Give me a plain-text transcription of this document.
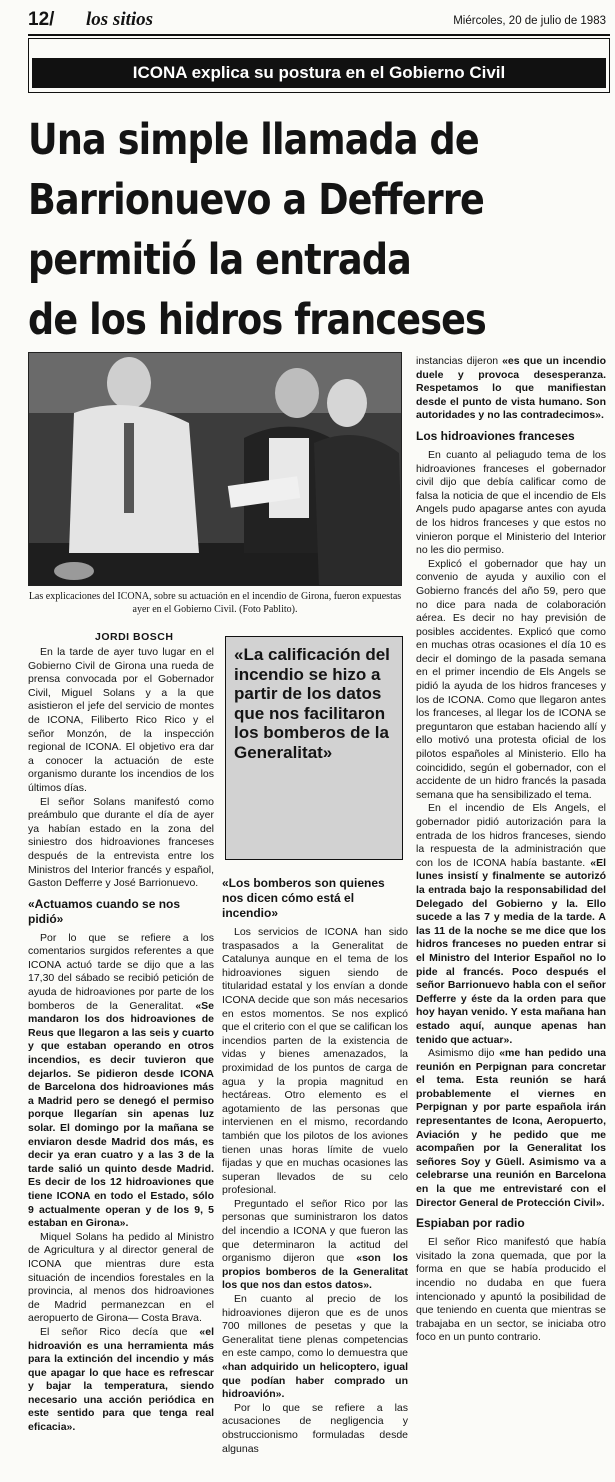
12/ los sitios	Miércoles, 20 de julio de 1983
ICONA explica su postura en el Gobierno Civil
Una simple llamada de
Barrionuevo a Defferre
permitió la entrada
de los hidros franceses
Las explicaciones del ICONA, sobre su actuación en el incendio de Girona, fueron expuestas ayer en el Gobierno Civil. (Foto Pablito).
JORDI BOSCH

En la tarde de ayer tuvo lugar en el Gobierno Civil de Girona una rueda de prensa convocada por el Gobernador Civil, Miguel Solans y a la que asistieron el jefe del servicio de montes de ICONA, Filiberto Rico Rico y el señor Monzón, de la inspección regional de ICONA. El objetivo era dar a conocer la actuación de este organismo durante los incendios de los últimos días.

El señor Solans manifestó como preámbulo que durante el día de ayer ya habían estado en la zona del siniestro dos hidroaviones franceses después de la entrevista entre los Ministros del Interior francés y español, Gaston Defferre y José Barrionuevo.

«Actuamos cuando se nos pidió»

Por lo que se refiere a los comentarios surgidos referentes a que ICONA actuó tarde se dijo que a las 17,30 del sábado se recibió petición de ayuda de hidroaviones por parte de los bomberos de la Generalitat. «Se mandaron los dos hidroaviones de Reus que llegaron a las seis y cuarto y que estaban operando en otros incendios, es decir tuvieron que dejarlos. Se pidieron desde ICONA de Barcelona dos hidroaviones más a Madrid pero se denegó el permiso porque llegarían sin apenas luz solar. El domingo por la mañana se enviaron desde Madrid dos más, es decir ya eran cuatro y a las 3 de la tarde salió un quinto desde Madrid. Es decir de los 12 hidroaviones que tiene ICONA en todo el Estado, sólo 9 actualmente operan y de los 9, 5 estaban en Girona».

Miquel Solans ha pedido al Ministro de Agricultura y al director general de ICONA que mientras dure esta situación de incendios forestales en la provincia, al menos dos hidroaviones de Madrid permanezcan en el aeropuerto de Girona— Costa Brava.

El señor Rico decía que «el hidroavión es una herramienta más para la extinción del incendio y más que apagar lo que hace es refrescar y bajar la temperatura, siendo necesario una acción periódica en este sentido para que tenga real eficacia».

«La calificación del incendio se hizo a partir de los datos que nos facilitaron los bomberos de la Generalitat»
«Los bomberos son quienes nos dicen cómo está el incendio»

Los servicios de ICONA han sido traspasados a la Generalitat de Catalunya aunque en el tema de los hidroaviones siguen siendo de titularidad estatal y los envían a donde ICONA decide que son más necesarios en estos momentos. Se nos explicó que el criterio con el que se califican los incendios parten de la existencia de vidas y bienes amenazados, la proximidad de los puntos de carga de agua y la propia magnitud en hectáreas. Otro elemento es el agotamiento de las personas que intervienen en el mismo, recordando también que los pilotos de los aviones tienen unas horas límite de vuelo fijadas y que en muchas ocasiones las superan llevados de su celo profesional.

Preguntado el señor Rico por las personas que suministraron los datos del incendio a ICONA y que fueron las que determinaron la actitud del organismo dijeron que «son los propios bomberos de la Generalitat los que nos dan estos datos».

En cuanto al precio de los hidroaviones dijeron que es de unos 700 millones de pesetas y que la Generalitat tiene plenas competencias en este campo, como lo demuestra que «han adquirido un helicoptero, igual que podían haber comprado un hidroavión».

Por lo que se refiere a las acusaciones de negligencia y obstruccionismo formuladas desde algunas

instancias dijeron «es que un incendio duele y provoca desesperanza. Respetamos lo que manifiestan desde el punto de vista humano. Son autoridades y no las contradecimos».

Los hidroaviones franceses

En cuanto al peliagudo tema de los hidroaviones franceses el gobernador civil dijo que debía calificar como de falsa la noticia de que el incendio de Els Angels pudo apagarse antes con ayuda de los hidros franceses y que estos no vinieron porque el Ministerio del Interior no les dio permiso.

Explicó el gobernador que hay un convenio de ayuda y auxilio con el Gobierno francés del año 59, pero que no dice para nada de colaboración aérea. Es decir no hay previsión de posibles accidentes. Explicó que como en muchas otras ocasiones el día 10 es decir el domingo de la pasada semana en el primer incendio de Els Angels se pidió la ayuda de los hidros franceses y los de ICONA. Como que llegaron antes los franceses, al llegar los de ICONA se preguntaron que estaban haciendo allí y ello motivó una protesta oficial de los pilotos españoles al Ministerio. Ello ha coincidido, según el gobernador, con el accidente de un hidro francés la pasada semana que ha sensibilizado el tema.

En el incendio de Els Angels, el gobernador pidió autorización para la entrada de los hidros franceses, siendo la respuesta de la administración que con los de ICONA había bastante. «El lunes insistí y finalmente se autorizó la entrada bajo la responsabilidad del Delegado del Gobierno y la. Ello sucede a las 7 y media de la tarde. A las 11 de la noche se me dice que los hidros franceses no pueden entrar si el Ministro del Interior Español no lo pide al francés. Poco después el señor Barrionuevo habla con el señor Defferre y éste da la orden para que hoy hayan venido. Y esta mañana han estado aquí, aunque apenas han tenido que actuar».

Asimismo dijo «me han pedido una reunión en Perpignan para concretar el tema. Esta reunión se hará probablemente el viernes en Perpignan y por parte española irán representantes de Icona, Aeropuerto, Aviación y he pedido que me acompañen por la Generalitat los señores Soy y Güell. Asimismo va a celebrarse una reunión en Barcelona en la que me entrevistaré con el Director General de Protección Civil».

Espiaban por radio

El señor Rico manifestó que había visitado la zona quemada, que por la forma en que se había producido el incendio no dudaba en que fuera intencionado y apuntó la posibilidad de que teniendo en cuenta que mientras se trabajaba en un sector, se iniciaba otro foco en un punto contrario.
